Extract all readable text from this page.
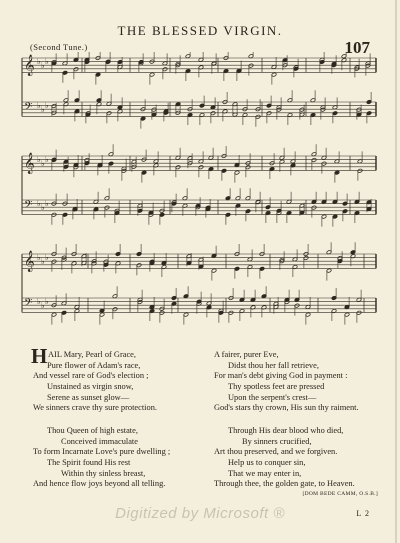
THE BLESSED VIRGIN.
107
(Second Tune.)
𝄞 ♭ ♭ ♭
𝄢 ♭ ♭ ♭
𝄞 ♭ ♭ ♭
𝄢 ♭ ♭ ♭
𝄞 ♭ ♭ ♭
𝄢 ♭ ♭ ♭
H AIL Mary, Pearl of Grace,
Pure flower of Adam's race,
And vessel rare of God's election ;
Unstained as virgin snow,
Serene as sunset glow—
We sinners crave thy sure protection.
A fairer, purer Eve,
Didst thou her fall retrieve,
For man's debt giving God in payment :
Thy spotless feet are pressed
Upon the serpent's crest—
God's stars thy crown, His sun thy raiment.
Thou Queen of high estate,
Conceived immaculate
To form Incarnate Love's pure dwelling ;
The Spirit found His rest
Within thy sinless breast,
And hence flow joys beyond all telling.
Through His dear blood who died,
By sinners crucified,
Art thou preserved, and we forgiven.
Help us to conquer sin,
That we may enter in,
Through thee, the golden gate, to Heaven.
[DOM BEDE CAMM, O.S.B.]
Digitized by Microsoft ®	L 2
